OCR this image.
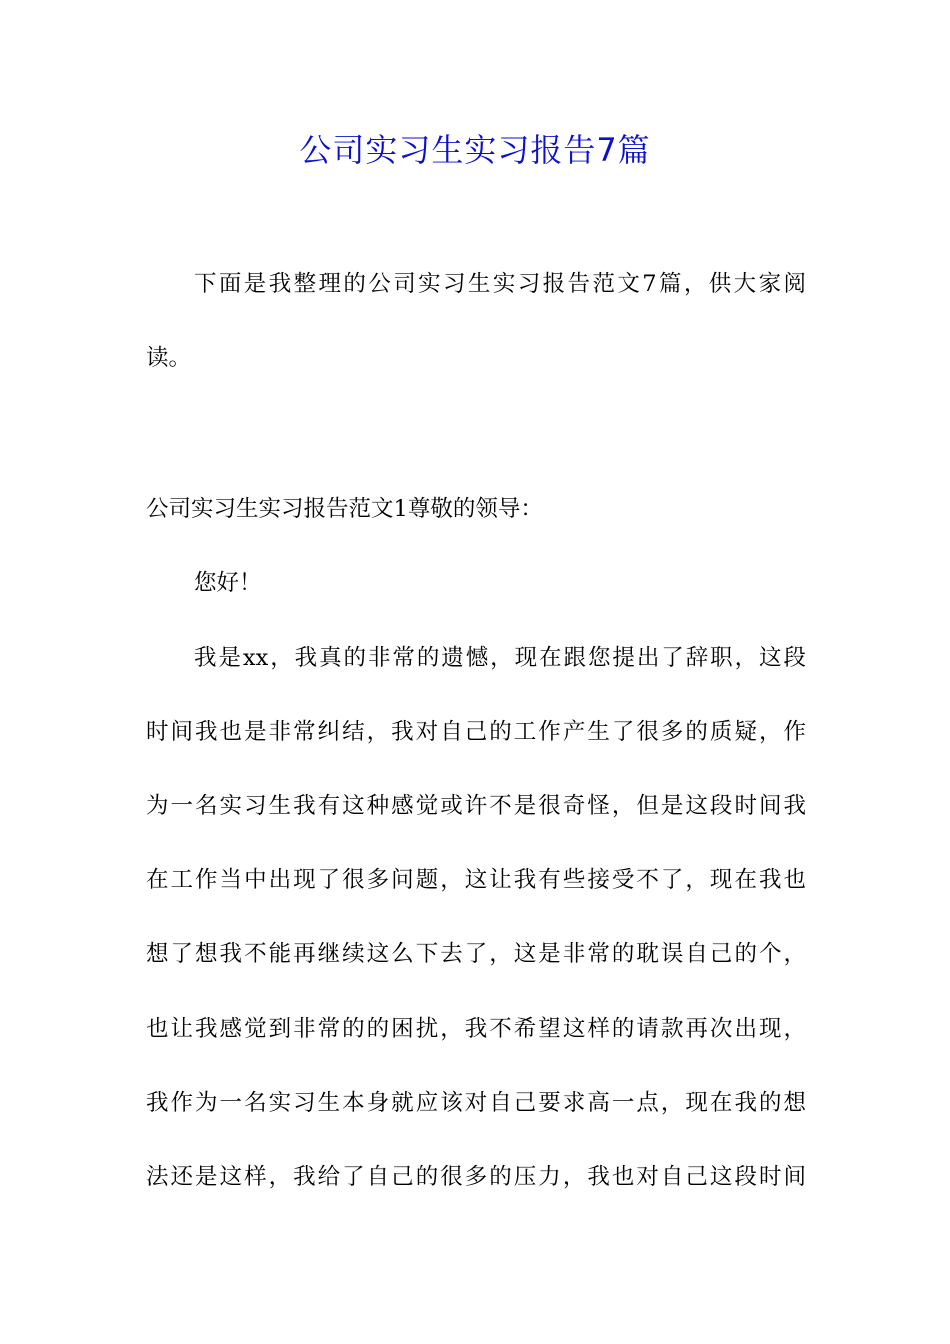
公司实习生实习报告7篇
下面是我整理的公司实习生实习报告范文7篇，供大家阅
读。
公司实习生实习报告范文1尊敬的领导：
您好！
我是xx，我真的非常的遗憾，现在跟您提出了辞职，这段
时间我也是非常纠结，我对自己的工作产生了很多的质疑，作
为一名实习生我有这种感觉或许不是很奇怪，但是这段时间我
在工作当中出现了很多问题，这让我有些接受不了，现在我也
想了想我不能再继续这么下去了，这是非常的耽误自己的个，
也让我感觉到非常的的困扰，我不希望这样的请款再次出现，
我作为一名实习生本身就应该对自己要求高一点，现在我的想
法还是这样，我给了自己的很多的压力，我也对自己这段时间
